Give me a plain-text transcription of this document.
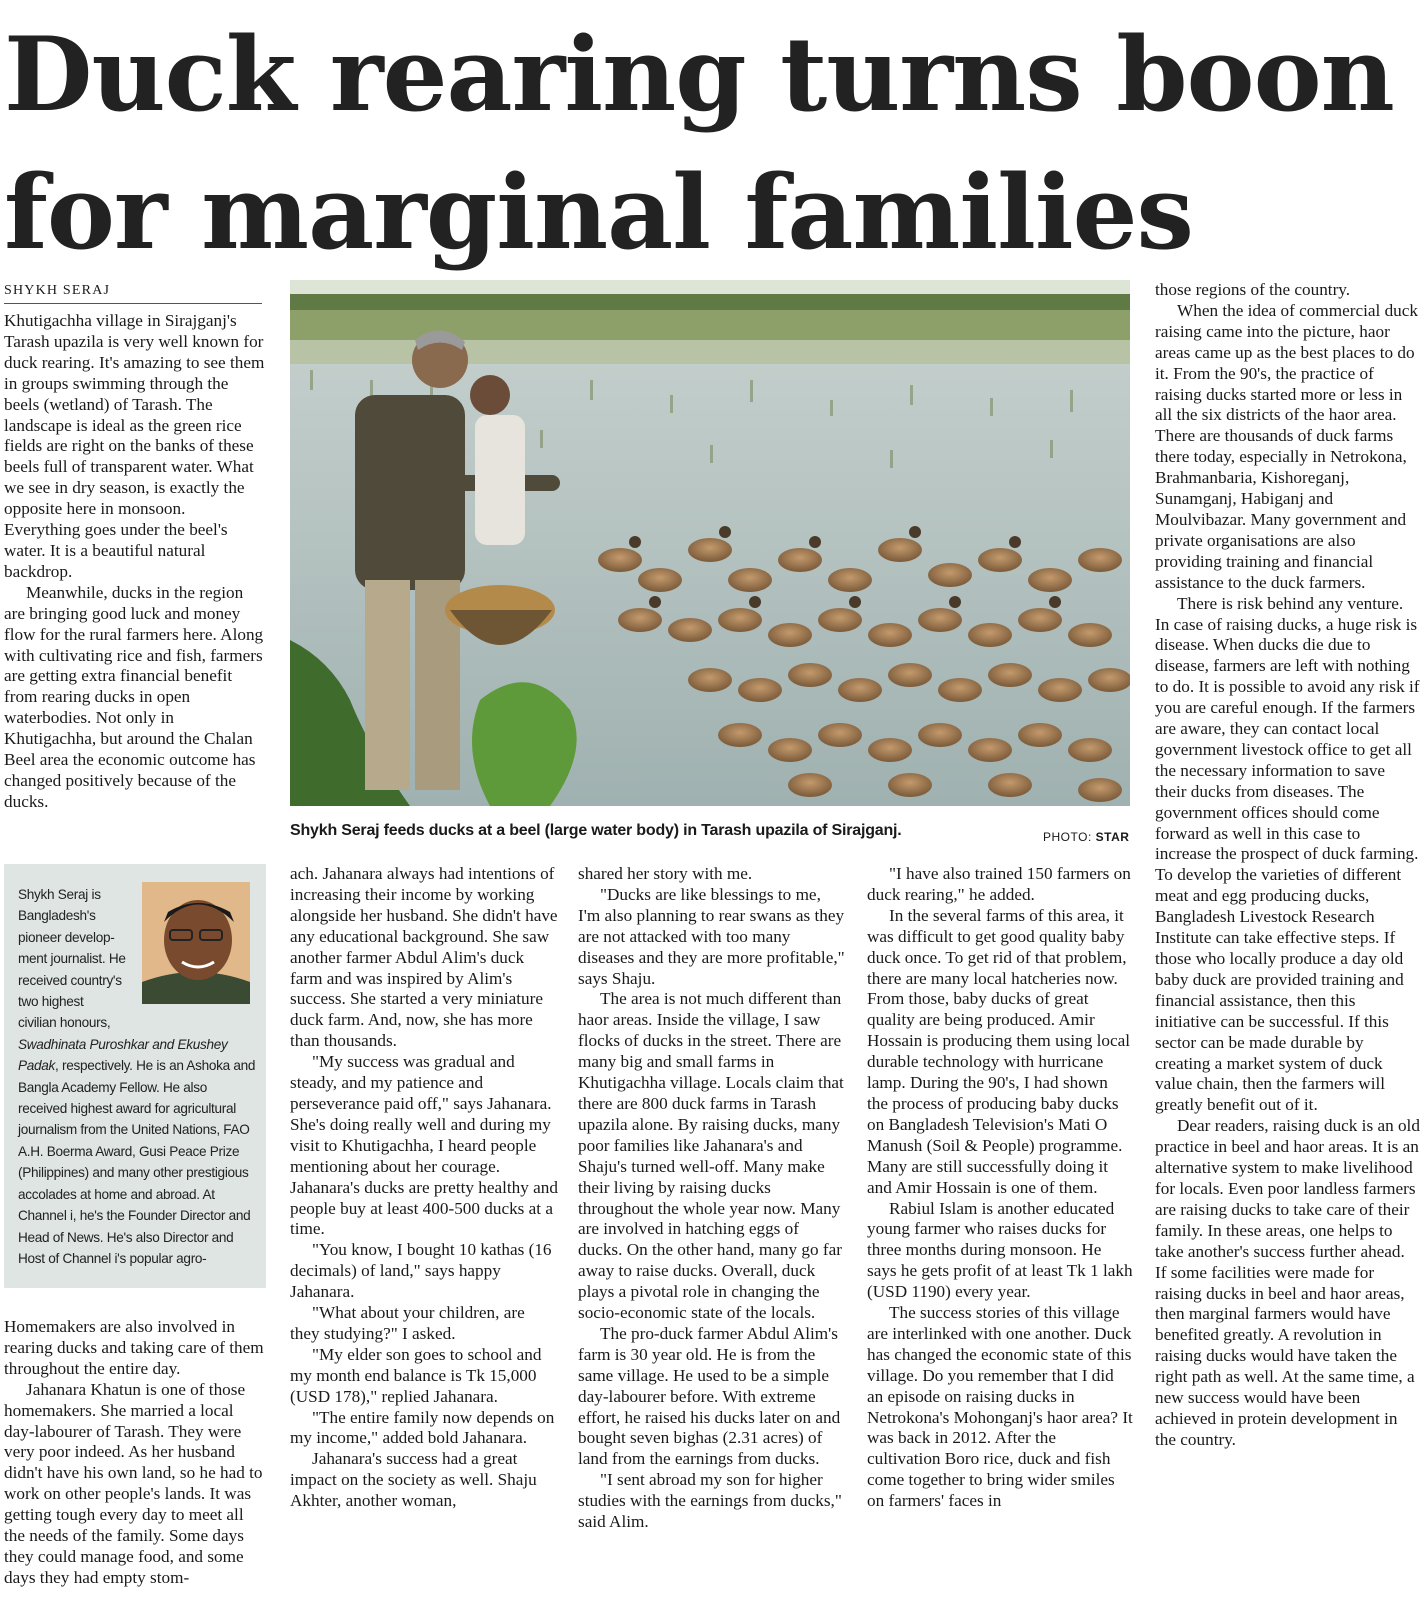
Duck rearing turns boon
for marginal families
SHYKH SERAJ

Khutigachha village in Sirajganj's Tarash upazila is very well known for duck rearing. It's amazing to see them in groups swimming through the beels (wetland) of Tarash. The landscape is ideal as the green rice fields are right on the banks of these beels full of transparent water. What we see in dry season, is exactly the opposite here in monsoon. Everything goes under the beel's water. It is a beautiful natural backdrop.

Meanwhile, ducks in the region are bringing good luck and money flow for the rural farmers here. Along with cultivating rice and fish, farmers are getting extra financial benefit from rearing ducks in open waterbodies. Not only in Khutigachha, but around the Chalan Beel area the economic outcome has changed positively because of the ducks.

Shykh Seraj feeds ducks at a beel (large water body) in Tarash upazila of Sirajganj.	PHOTO: STAR
Shykh Seraj is
Bangladesh's
pioneer develop-
ment journalist. He
received country's
two highest
civilian honours,
Swadhinata Puroshkar and Ekushey Padak, respectively. He is an Ashoka and Bangla Academy Fellow. He also received highest award for agricultural journalism from the United Nations, FAO A.H. Boerma Award, Gusi Peace Prize (Philippines) and many other prestigious accolades at home and abroad. At Channel i, he's the Founder Director and Head of News. He's also Director and Host of Channel i's popular agro-

Homemakers are also involved in rearing ducks and taking care of them throughout the entire day.

Jahanara Khatun is one of those homemakers. She married a local day-labourer of Tarash. They were very poor indeed. As her husband didn't have his own land, so he had to work on other people's lands. It was getting tough every day to meet all the needs of the family. Some days they could manage food, and some days they had empty stom-

ach. Jahanara always had intentions of increasing their income by working alongside her husband. She didn't have any educational background. She saw another farmer Abdul Alim's duck farm and was inspired by Alim's success. She started a very miniature duck farm. And, now, she has more than thousands.

"My success was gradual and steady, and my patience and perseverance paid off," says Jahanara. She's doing really well and during my visit to Khutigachha, I heard people mentioning about her courage. Jahanara's ducks are pretty healthy and people buy at least 400-500 ducks at a time.

"You know, I bought 10 kathas (16 decimals) of land," says happy Jahanara.

"What about your children, are they studying?" I asked.

"My elder son goes to school and my month end balance is Tk 15,000 (USD 178)," replied Jahanara.

"The entire family now depends on my income," added bold Jahanara.

Jahanara's success had a great impact on the society as well. Shaju Akhter, another woman,

shared her story with me.

"Ducks are like blessings to me, I'm also planning to rear swans as they are not attacked with too many diseases and they are more profitable," says Shaju.

The area is not much different than haor areas. Inside the village, I saw flocks of ducks in the street. There are many big and small farms in Khutigachha village. Locals claim that there are 800 duck farms in Tarash upazila alone. By raising ducks, many poor families like Jahanara's and Shaju's turned well-off. Many make their living by raising ducks throughout the whole year now. Many are involved in hatching eggs of ducks. On the other hand, many go far away to raise ducks. Overall, duck plays a pivotal role in changing the socio-economic state of the locals.

The pro-duck farmer Abdul Alim's farm is 30 year old. He is from the same village. He used to be a simple day-labourer before. With extreme effort, he raised his ducks later on and bought seven bighas (2.31 acres) of land from the earnings from ducks.

"I sent abroad my son for higher studies with the earnings from ducks," said Alim.

"I have also trained 150 farmers on duck rearing," he added.

In the several farms of this area, it was difficult to get good quality baby duck once. To get rid of that problem, there are many local hatcheries now. From those, baby ducks of great quality are being produced. Amir Hossain is producing them using local durable technology with hurricane lamp. During the 90's, I had shown the process of producing baby ducks on Bangladesh Television's Mati O Manush (Soil & People) programme. Many are still successfully doing it and Amir Hossain is one of them.

Rabiul Islam is another educated young farmer who raises ducks for three months during monsoon. He says he gets profit of at least Tk 1 lakh (USD 1190) every year.

The success stories of this village are interlinked with one another. Duck has changed the economic state of this village. Do you remember that I did an episode on raising ducks in Netrokona's Mohonganj's haor area? It was back in 2012. After the cultivation Boro rice, duck and fish come together to bring wider smiles on farmers' faces in

those regions of the country.

When the idea of commercial duck raising came into the picture, haor areas came up as the best places to do it. From the 90's, the practice of raising ducks started more or less in all the six districts of the haor area. There are thousands of duck farms there today, especially in Netrokona, Brahmanbaria, Kishoreganj, Sunamganj, Habiganj and Moulvibazar. Many government and private organisations are also providing training and financial assistance to the duck farmers.

There is risk behind any venture. In case of raising ducks, a huge risk is disease. When ducks die due to disease, farmers are left with nothing to do. It is possible to avoid any risk if you are careful enough. If the farmers are aware, they can contact local government livestock office to get all the necessary information to save their ducks from diseases. The government offices should come forward as well in this case to increase the prospect of duck farming. To develop the varieties of different meat and egg producing ducks, Bangladesh Livestock Research Institute can take effective steps. If those who locally produce a day old baby duck are provided training and financial assistance, then this initiative can be successful. If this sector can be made durable by creating a market system of duck value chain, then the farmers will greatly benefit out of it.

Dear readers, raising duck is an old practice in beel and haor areas. It is an alternative system to make livelihood for locals. Even poor landless farmers are raising ducks to take care of their family. In these areas, one helps to take another's success further ahead. If some facilities were made for raising ducks in beel and haor areas, then marginal farmers would have benefited greatly. A revolution in raising ducks would have taken the right path as well. At the same time, a new success would have been achieved in protein development in the country.
